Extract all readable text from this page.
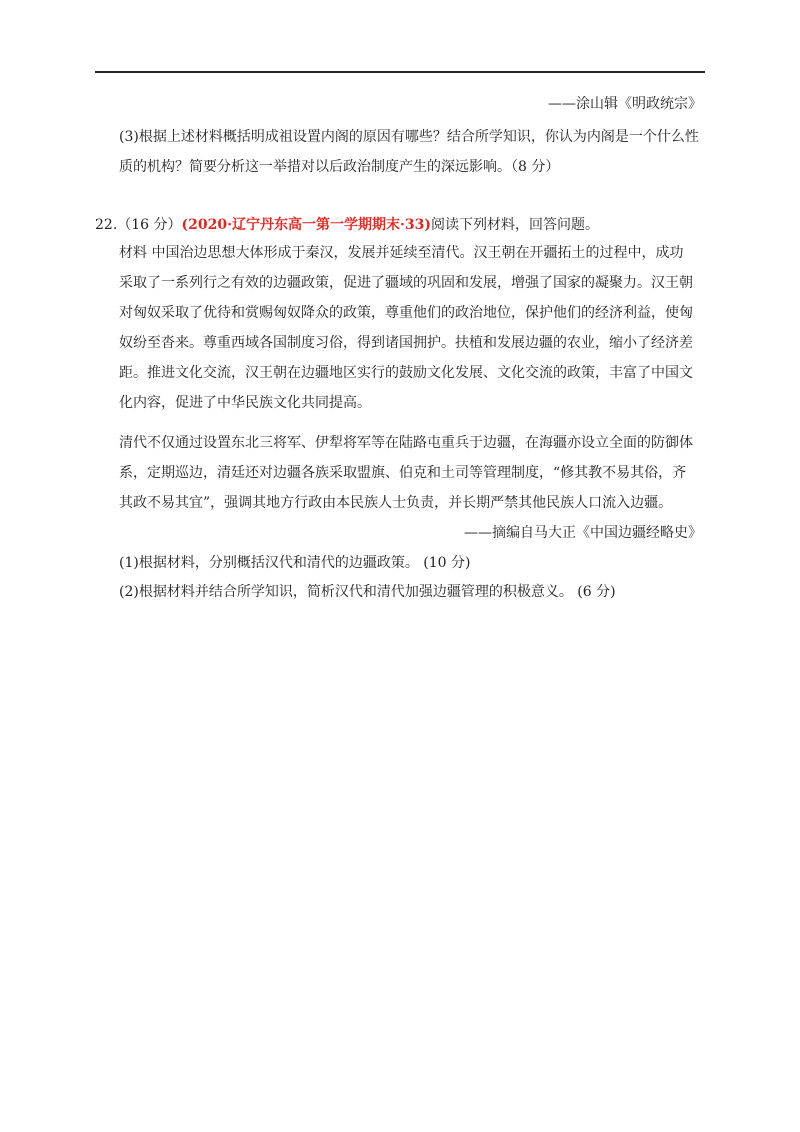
——涂山辑《明政统宗》
(3)根据上述材料概括明成祖设置内阁的原因有哪些？结合所学知识，你认为内阁是一个什么性
质的机构？简要分析这一举措对以后政治制度产生的深远影响。（8 分）
22.（16 分）(2020·辽宁丹东高一第一学期期末·33)阅读下列材料，回答问题。
材料 中国治边思想大体形成于秦汉，发展并延续至清代。汉王朝在开疆拓土的过程中，成功
采取了一系列行之有效的边疆政策，促进了疆域的巩固和发展，增强了国家的凝聚力。汉王朝
对匈奴采取了优待和赏赐匈奴降众的政策，尊重他们的政治地位，保护他们的经济利益，使匈
奴纷至沓来。尊重西域各国制度习俗，得到诸国拥护。扶植和发展边疆的农业，缩小了经济差
距。推进文化交流，汉王朝在边疆地区实行的鼓励文化发展、文化交流的政策，丰富了中国文
化内容，促进了中华民族文化共同提高。
清代不仅通过设置东北三将军、伊犁将军等在陆路屯重兵于边疆，在海疆亦设立全面的防御体
系，定期巡边，清廷还对边疆各族采取盟旗、伯克和土司等管理制度，“修其教不易其俗，齐
其政不易其宜”，强调其地方行政由本民族人士负责，并长期严禁其他民族人口流入边疆。
——摘编自马大正《中国边疆经略史》
(1)根据材料，分别概括汉代和清代的边疆政策。 (10 分)
(2)根据材料并结合所学知识，简析汉代和清代加强边疆管理的积极意义。 (6 分)
